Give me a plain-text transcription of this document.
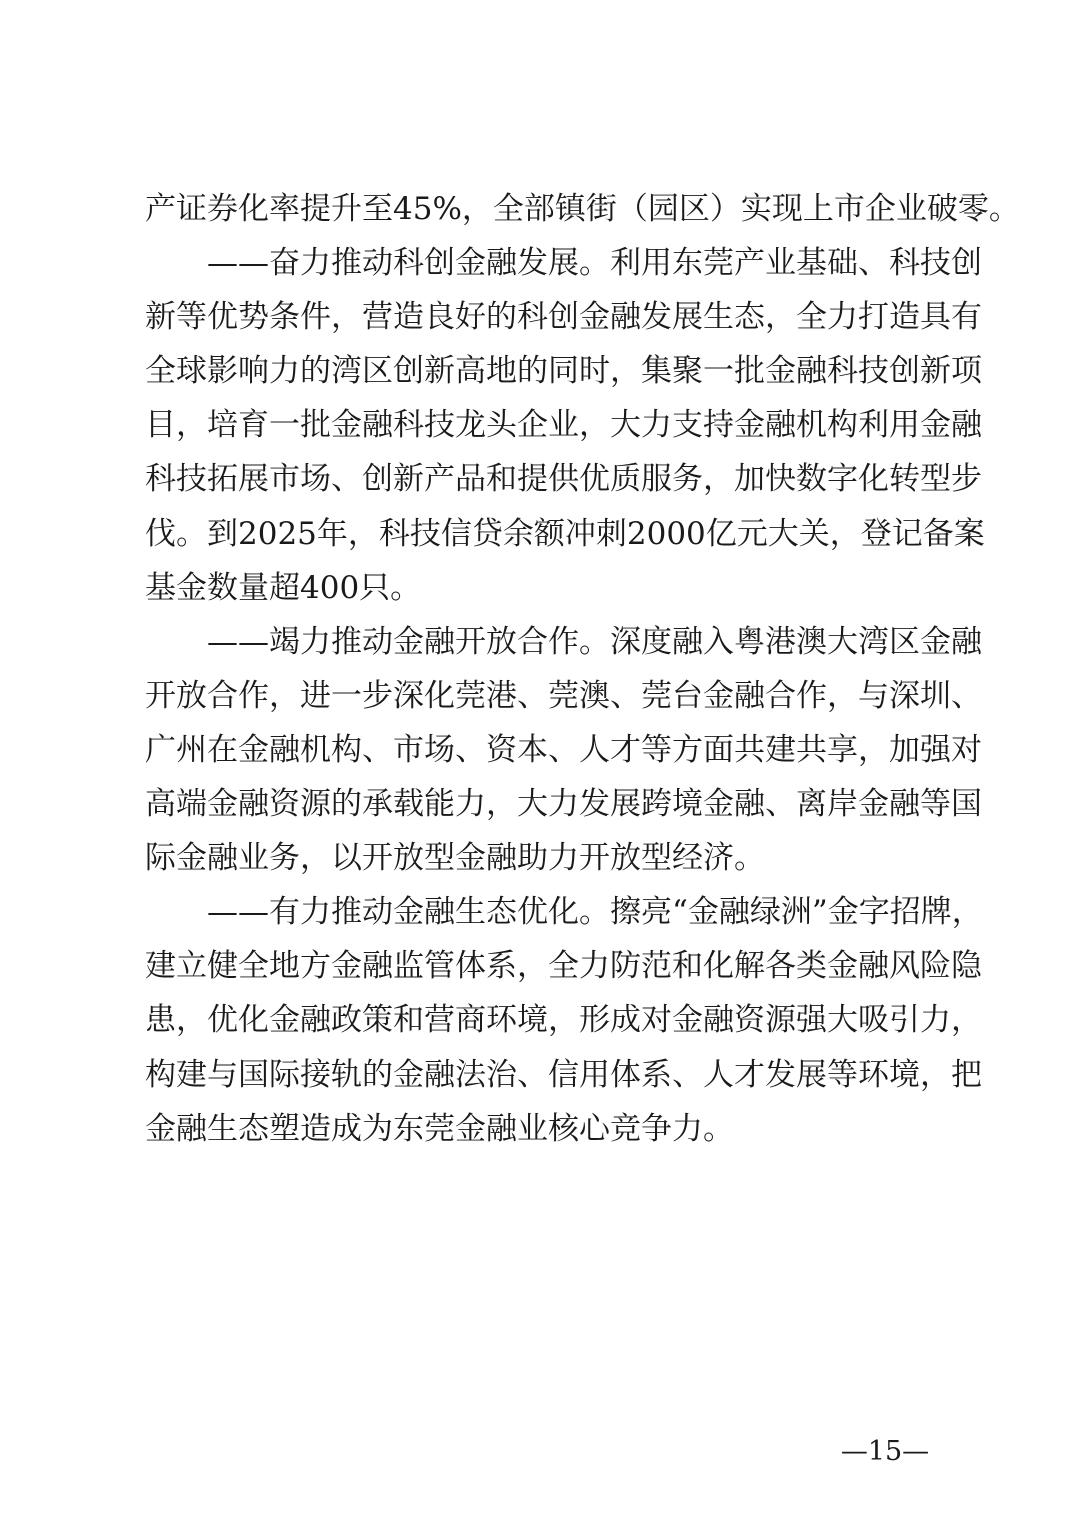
产证券化率提升至45%，全部镇街（园区）实现上市企业破零。
——奋力推动科创金融发展。利用东莞产业基础、科技创
新等优势条件，营造良好的科创金融发展生态，全力打造具有
全球影响力的湾区创新高地的同时，集聚一批金融科技创新项
目，培育一批金融科技龙头企业，大力支持金融机构利用金融
科技拓展市场、创新产品和提供优质服务，加快数字化转型步
伐。到2025年，科技信贷余额冲刺2000亿元大关，登记备案
基金数量超400只。
——竭力推动金融开放合作。深度融入粤港澳大湾区金融
开放合作，进一步深化莞港、莞澳、莞台金融合作，与深圳、
广州在金融机构、市场、资本、人才等方面共建共享，加强对
高端金融资源的承载能力，大力发展跨境金融、离岸金融等国
际金融业务，以开放型金融助力开放型经济。
——有力推动金融生态优化。擦亮“金融绿洲”金字招牌，
建立健全地方金融监管体系，全力防范和化解各类金融风险隐
患，优化金融政策和营商环境，形成对金融资源强大吸引力，
构建与国际接轨的金融法治、信用体系、人才发展等环境，把
金融生态塑造成为东莞金融业核心竞争力。
—15—
